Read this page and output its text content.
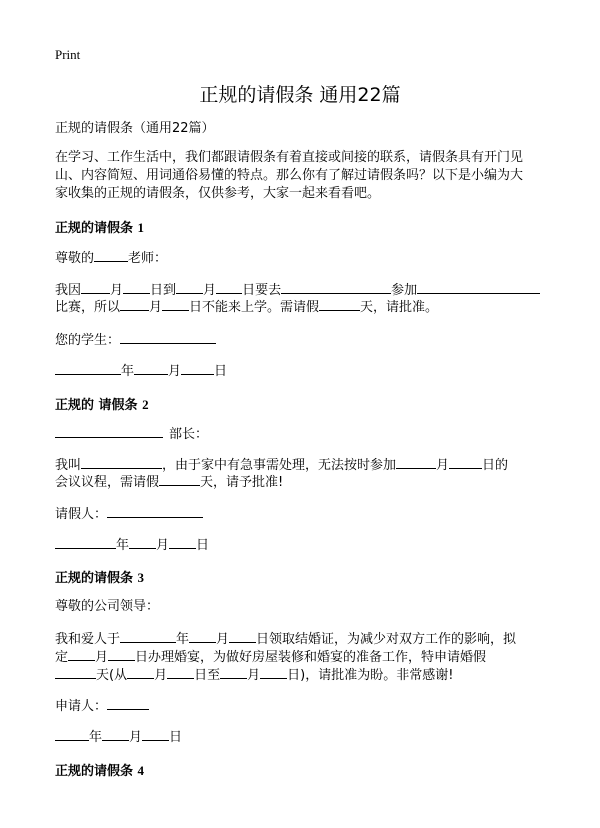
Print
正规的请假条 通用22篇
正规的请假条（通用22篇）
在学习、工作生活中，我们都跟请假条有着直接或间接的联系，请假条具有开门见
山、内容简短、用词通俗易懂的特点。那么你有了解过请假条吗？以下是小编为大
家收集的正规的请假条，仅供参考，大家一起来看看吧。
正规的请假条 1
尊敬的	老师：
我因 月 日到 月 日要去	参加
比赛，所以 月 日不能来上学。需请假	天，请批准。
您的学生：
年	月	日
正规的 请假条 2
部长：
我叫	，由于家中有急事需处理，无法按时参加	月	日的
会议议程，需请假	天，请予批准!
请假人：
年 月 日
正规的请假条 3
尊敬的公司领导：
我和爱人于	年 月 日领取结婚证，为减少对双方工作的影响，拟
定 月 日办理婚宴，为做好房屋装修和婚宴的准备工作，特申请婚假
天(从 月 日至 月 日)，请批准为盼。非常感谢!
申请人：
年 月 日
正规的请假条 4
